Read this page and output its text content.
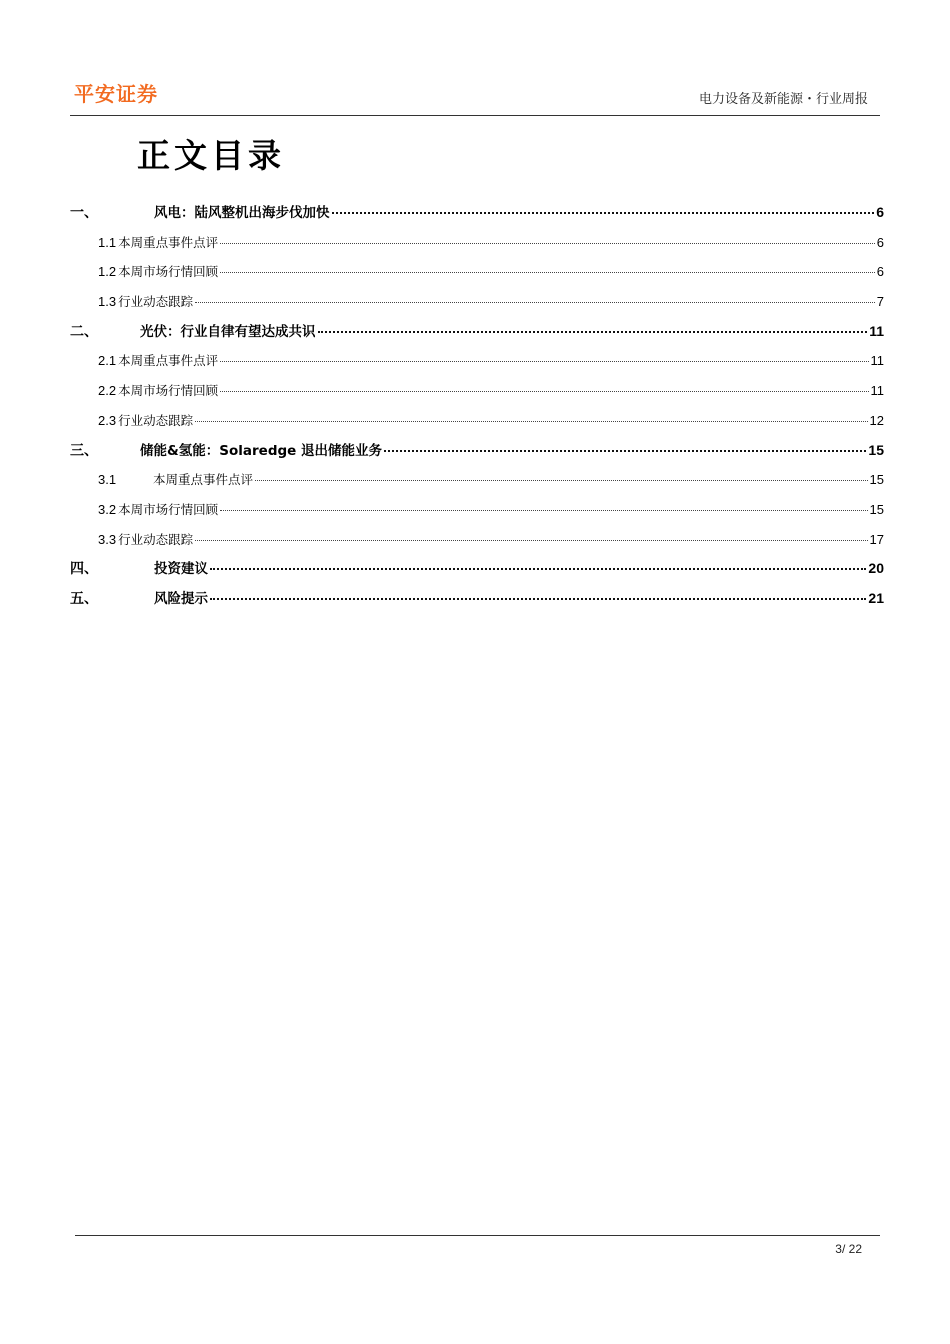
平安证券	电力设备及新能源・行业周报
正文目录
一、	风电：陆风整机出海步伐加快	6
1.1 本周重点事件点评	6
1.2 本周市场行情回顾	6
1.3 行业动态跟踪	7
二、	光伏：行业自律有望达成共识	11
2.1 本周重点事件点评	11
2.2 本周市场行情回顾	11
2.3 行业动态跟踪	12
三、	储能&氢能：Solaredge 退出储能业务	15
3.1	本周重点事件点评	15
3.2 本周市场行情回顾	15
3.3 行业动态跟踪	17
四、	投资建议	20
五、	风险提示	21
3/ 22
